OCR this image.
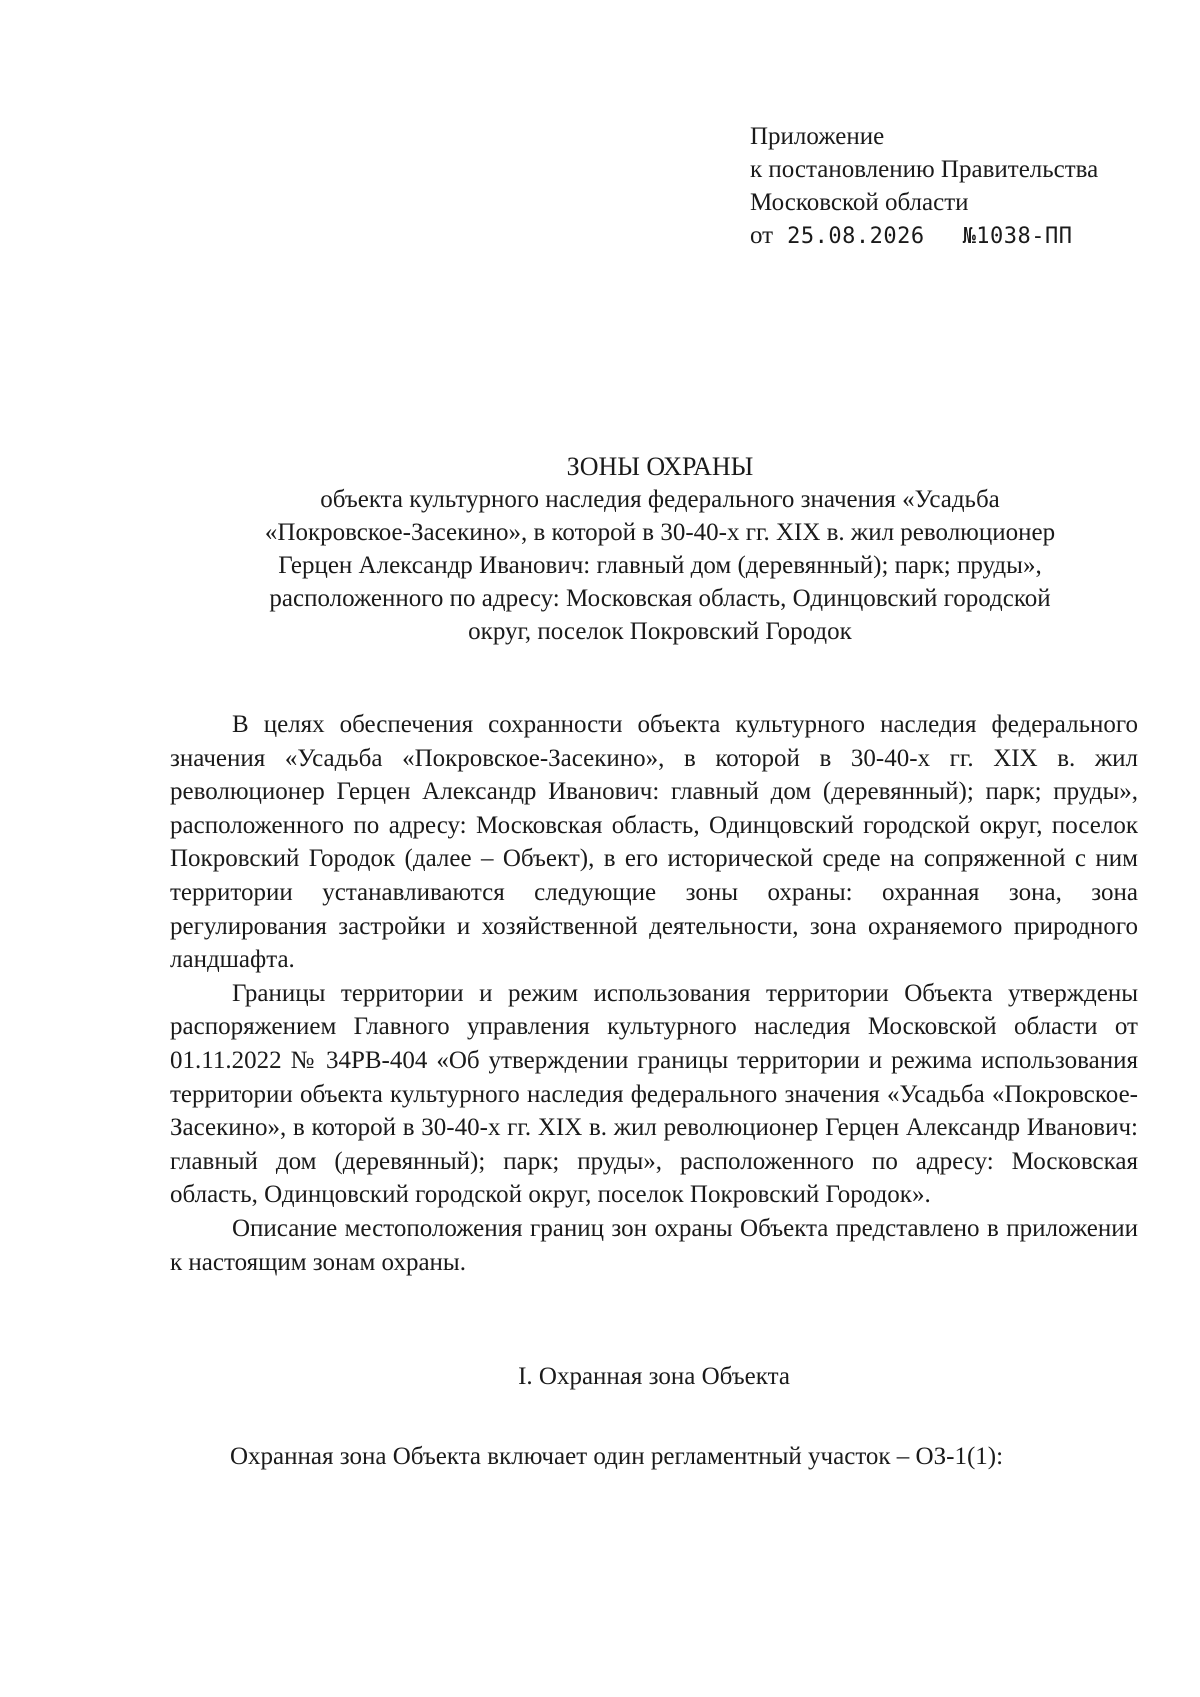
Приложение
к постановлению Правительства
Московской области
от 25.08.2026 №1038-ПП
ЗОНЫ ОХРАНЫ
объекта культурного наследия федерального значения «Усадьба
«Покровское-Засекино», в которой в 30-40-х гг. XIX в. жил революционер
Герцен Александр Иванович: главный дом (деревянный); парк; пруды»,
расположенного по адресу: Московская область, Одинцовский городской
округ, поселок Покровский Городок

В целях обеспечения сохранности объекта культурного наследия федерального значения «Усадьба «Покровское-Засекино», в которой в 30-40-х гг. XIX в. жил революционер Герцен Александр Иванович: главный дом (деревянный); парк; пруды», расположенного по адресу: Московская область, Одинцовский городской округ, поселок Покровский Городок (далее – Объект), в его исторической среде на сопряженной с ним территории устанавливаются следующие зоны охраны: охранная зона, зона регулирования застройки и хозяйственной деятельности, зона охраняемого природного ландшафта.

Границы территории и режим использования территории Объекта утверждены распоряжением Главного управления культурного наследия Московской области от 01.11.2022 № 34РВ-404 «Об утверждении границы территории и режима использования территории объекта культурного наследия федерального значения «Усадьба «Покровское-Засекино», в которой в 30-40-х гг. XIX в. жил революционер Герцен Александр Иванович: главный дом (деревянный); парк; пруды», расположенного по адресу: Московская область, Одинцовский городской округ, поселок Покровский Городок».

Описание местоположения границ зон охраны Объекта представлено в приложении к настоящим зонам охраны.

I. Охранная зона Объекта

Охранная зона Объекта включает один регламентный участок – ОЗ-1(1):
